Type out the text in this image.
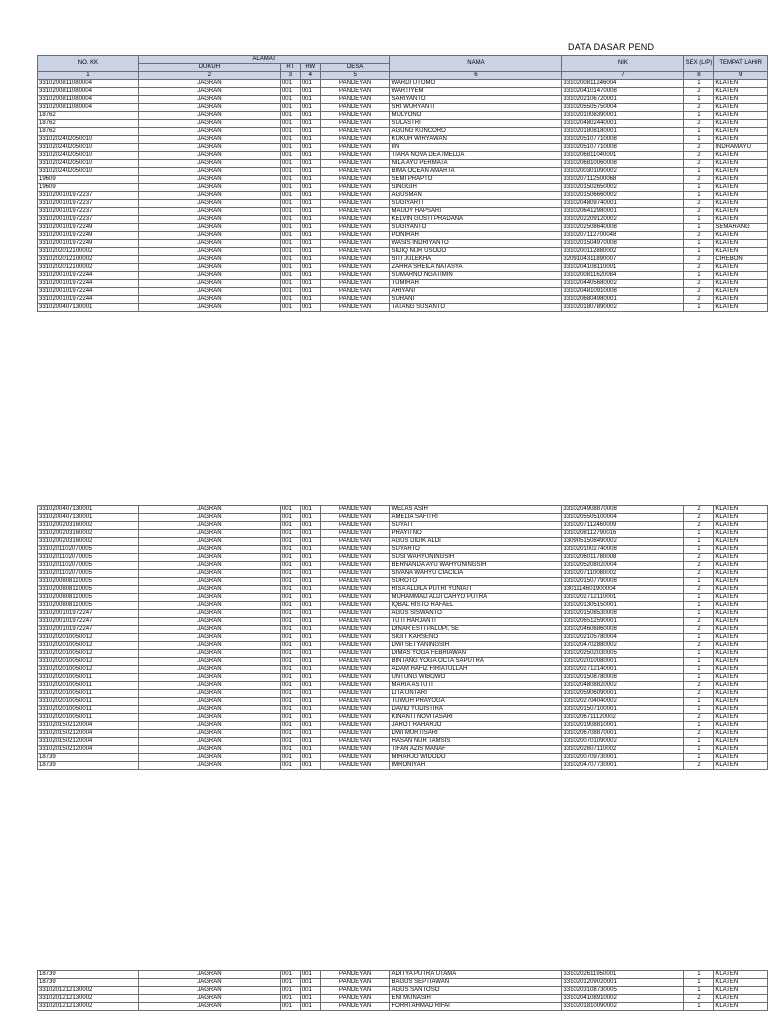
DATA DASAR PEND
NO. KK	ALAMAT				NAMA	NIK	SEX (L/P)	TEMPAT LAHIR
	DUKUH	RT	RW	DESA				
1	2	3	4	5	6	7	8	9
3310200811080004	JAGRAN	001	001	PANDEYAN	WARDI UTOMO	3310200811246004	1	KLATEN
3310200811080004	JAGRAN	001	001	PANDEYAN	WARTIYEM	3310204101470008	2	KLATEN
3310200811080004	JAGRAN	001	001	PANDEYAN	SARIYANTO	3310202106720001	1	KLATEN
3310200811080004	JAGRAN	001	001	PANDEYAN	SRI WURYANTI	3310205505750004	2	KLATEN
18762	JAGRAN	001	001	PANDEYAN	MULYONO	3310201008390001	1	KLATEN
18762	JAGRAN	001	001	PANDEYAN	SULASTRI	3310204802440001	2	KLATEN
18762	JAGRAN	001	001	PANDEYAN	AGUNG KUNCORO	3310201808180001	1	KLATEN
3310202402050010	JAGRAN	001	001	PANDEYAN	KUKUH WIRYAWAN	3310205107710008	1	KLATEN
3310202402050010	JAGRAN	001	001	PANDEYAN	IIN	3310205107710008	2	INDRAMAYU
3310202402050010	JAGRAN	001	001	PANDEYAN	TIARA NOVA DEA IMELDA	3310206811040001	2	KLATEN
3310202402050010	JAGRAN	001	001	PANDEYAN	NILA AYU PERMATA	3310206810060008	2	KLATEN
3310202402050010	JAGRAN	001	001	PANDEYAN	BIMA OCEAN AMARTA	3310200301090002	1	KLATEN
19609	JAGRAN	001	001	PANDEYAN	SEMI PRAPTO	3310207112500068	2	KLATEN
19609	JAGRAN	001	001	PANDEYAN	SINGGIH	3310201502650002	1	KLATEN
3310200101972237	JAGRAN	001	001	PANDEYAN	AGUSMAN	3310201506660002	1	KLATEN
3310200101972237	JAGRAN	001	001	PANDEYAN	SUGIYARTI	3310204809740001	2	KLATEN
3310200101972237	JAGRAN	001	001	PANDEYAN	MAUDY HAPSARI	3310206412980001	2	KLATEN
3310200101972237	JAGRAN	001	001	PANDEYAN	KELVIN GUSTI PRADANA	3310202209120002	1	KLATEN
3310200101972249	JAGRAN	001	001	PANDEYAN	SUGIYANTO	3310202508640008	1	SEMARANG
3310200101972249	JAGRAN	001	001	PANDEYAN	PONIRAH	3310207112700048	2	KLATEN
3310200101972249	JAGRAN	001	001	PANDEYAN	WASIS INDRIYANTO	3310201504970008	1	KLATEN
3310202012100002	JAGRAN	001	001	PANDEYAN	SIDIQ NUR USODO	3310200112880002	1	KLATEN
3310202012100002	JAGRAN	001	001	PANDEYAN	SITI JULEKHA	3209104311890007	2	CIREBON
3310202012100002	JAGRAN	001	001	PANDEYAN	ZAHRA SHEILA NATASYA	3310204108110001	2	KLATEN
3310200101972244	JAGRAN	001	001	PANDEYAN	SUMARNO NGATIMIN	3310200811620084	1	KLATEN
3310200101972244	JAGRAN	001	001	PANDEYAN	TUMIRAH	3310204405680002	2	KLATEN
3310200101972244	JAGRAN	001	001	PANDEYAN	ARIYANI	3310204810910008	2	KLATEN
3310200101972244	JAGRAN	001	001	PANDEYAN	SURANI	3310206804980001	2	KLATEN
3310200407130001	JAGRAN	001	001	PANDEYAN	TATANG SUSANTO	3310201807890002	1	KLATEN
3310200407130001	JAGRAN	001	001	PANDEYAN	WELAS ASIH	3310204908870008	2	KLATEN
3310200407130001	JAGRAN	001	001	PANDEYAN	AMELIA SAFITRI	3310205505100004	2	KLATEN
3310200203160002	JAGRAN	001	001	PANDEYAN	SUYATI	3310207112460009	2	KLATEN
3310200203160002	JAGRAN	001	001	PANDEYAN	PRAYITNO	3310208112790016	1	KLATEN
3310200203160002	JAGRAN	001	001	PANDEYAN	AGUS DIDIK ALDI	3309051508490002	1	KLATEN
3310201102070005	JAGRAN	001	001	PANDEYAN	SUYARTO	3310201002740008	1	KLATEN
3310201102070005	JAGRAN	001	001	PANDEYAN	SUSI WAHYUNINGSIH	3310206011780008	2	KLATEN
3310201102070005	JAGRAN	001	001	PANDEYAN	BERNANDA AYU WAHYUNINGSIH	3310205208020004	2	KLATEN
3310201102070005	JAGRAN	001	001	PANDEYAN	SIVANA WAHYU CIACILIA	3310207110080002	2	KLATEN
3310200808110005	JAGRAN	001	001	PANDEYAN	SUROTO	3310201507790008	1	KLATEN
3310200808110005	JAGRAN	001	001	PANDEYAN	RISA ALDILA PUTRI YUNIATI	3301114601900004	2	KLATEN
3310200808110005	JAGRAN	001	001	PANDEYAN	MUHAMMAD ALDI CAHYO PUTRA	3310202712110001	1	KLATEN
3310200808110005	JAGRAN	001	001	PANDEYAN	IQBAL RISTO RAFAEL	3310201305150001	1	KLATEN
3310200101972247	JAGRAN	001	001	PANDEYAN	AGUS SISWANTO	3310201508530008	1	KLATEN
3310200101972247	JAGRAN	001	001	PANDEYAN	TUTI HARJANTI	3310206512590001	2	KLATEN
3310200101972247	JAGRAN	001	001	PANDEYAN	DINAR ESTI PALUPI, SE	3310204606860008	2	KLATEN
3310202010050012	JAGRAN	001	001	PANDEYAN	SIGIT KARSENO	3310202105780004	1	KLATEN
3310202010050012	JAGRAN	001	001	PANDEYAN	DWI SETYANINGSIH	3310204702880002	2	KLATEN
3310202010050012	JAGRAN	001	001	PANDEYAN	DIMAS YOGA FEBRIAWAN	3310202502030005	1	KLATEN
3310202010050012	JAGRAN	001	001	PANDEYAN	BINTANG YOGA OCTA SAPUTRA	3310202010080001	1	KLATEN
3310202010050012	JAGRAN	001	001	PANDEYAN	ADAM HAFIZ FIRIATULLAH	3310202712140001	1	KLATEN
3310202010050011	JAGRAN	001	001	PANDEYAN	UNTUNG WIBOWO	3310201508780008	1	KLATEN
3310202010050011	JAGRAN	001	001	PANDEYAN	MARIA ASTUTI	3310204808820002	2	KLATEN
3310202010050011	JAGRAN	001	001	PANDEYAN	LITA UNTARI	3310205906090001	2	KLATEN
3310202010050011	JAGRAN	001	001	PANDEYAN	TUWUH PRAYOGA	3310202704040002	1	KLATEN
3310202010050011	JAGRAN	001	001	PANDEYAN	DAVID YUDISTIRA	3310201507100001	1	KLATEN
3310202010050011	JAGRAN	001	001	PANDEYAN	KINANTI NOVITASARI	3310206711120002	2	KLATEN
3310201502120004	JAGRAN	001	001	PANDEYAN	JAROT RAHARJO	3310201908810001	1	KLATEN
3310201502120004	JAGRAN	001	001	PANDEYAN	DWI MURTISARI	3310206708870001	2	KLATEN
3310201502120004	JAGRAN	001	001	PANDEYAN	HASAN NUR TAMSIS	3310200701090002	1	KLATEN
3310201502120004	JAGRAN	001	001	PANDEYAN	TIFAN AZIS MANAF	3310202607110002	1	KLATEN
18739	JAGRAN	001	001	PANDEYAN	MIHARJO WIDODO	3310200709730001	1	KLATEN
18739	JAGRAN	001	001	PANDEYAN	IMRONIYAH	3310204707730001	2	KLATEN
18739	JAGRAN	001	001	PANDEYAN	ADITYA PUTRA UTAMA	3310202611950001	1	KLATEN
18739	JAGRAN	001	001	PANDEYAN	BAGUS SEPTIAWAN	3310201209020001	1	KLATEN
3310201212130002	JAGRAN	001	001	PANDEYAN	AGUS SANTOSO	3310203108730005	1	KLATEN
3310201212130002	JAGRAN	001	001	PANDEYAN	ENI MUNASIH	3310204108910002	2	KLATEN
3310201212130002	JAGRAN	001	001	PANDEYAN	FORRI AHMAD RIFAI	3310201810090002	1	KLATEN
